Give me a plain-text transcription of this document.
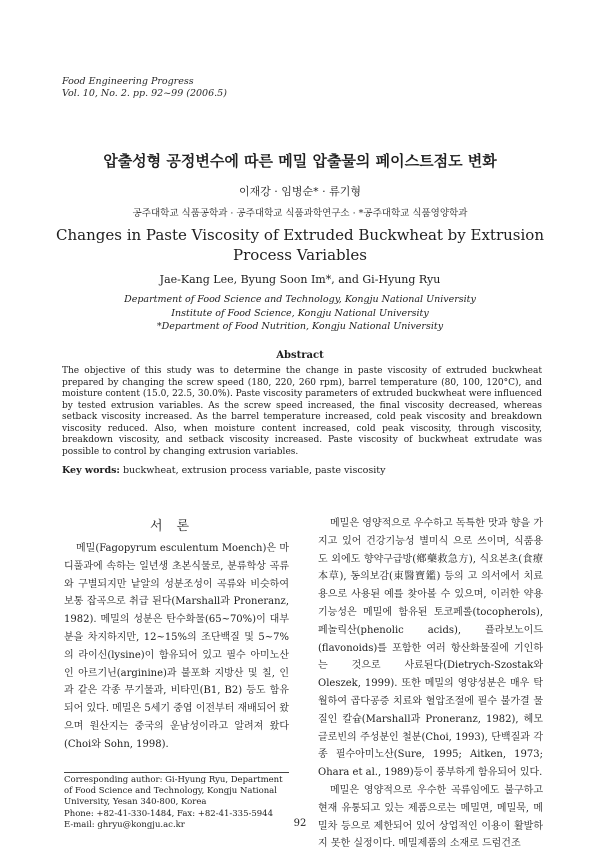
Food Engineering Progress
Vol. 10, No. 2. pp. 92~99 (2006.5)
압출성형 공정변수에 따른 메밀 압출물의 페이스트점도 변화
이재강 · 임병순* · 류기형
공주대학교 식품공학과 · 공주대학교 식품과학연구소 · *공주대학교 식품영양학과
Changes in Paste Viscosity of Extruded Buckwheat by Extrusion
Process Variables
Jae-Kang Lee, Byung Soon Im*, and Gi-Hyung Ryu
Department of Food Science and Technology, Kongju National University
Institute of Food Science, Kongju National University
*Department of Food Nutrition, Kongju National University
Abstract
The objective of this study was to determine the change in paste viscosity of extruded buckwheat prepared by changing the screw speed (180, 220, 260 rpm), barrel temperature (80, 100, 120°C), and moisture content (15.0, 22.5, 30.0%). Paste viscosity parameters of extruded buckwheat were influenced by tested extrusion variables. As the screw speed increased, the final viscosity decreased, whereas setback viscosity increased. As the barrel temperature increased, cold peak viscosity and breakdown viscosity reduced. Also, when moisture content increased, cold peak viscosity, through viscosity, breakdown viscosity, and setback viscosity increased. Paste viscosity of buckwheat extrudate was possible to control by changing extrusion variables.
Key words: buckwheat, extrusion process variable, paste viscosity
서론

메밀(Fagopyrum esculentum Moench)은 마디풀과에 속하는 일년생 초본식물로, 분류학상 곡류와 구별되지만 낱알의 성분조성이 곡류와 비슷하여 보통 잡곡으로 취급 된다(Marshall과 Proneranz, 1982). 메밀의 성분은 탄수화물(65~70%)이 대부분을 차지하지만, 12~15%의 조단백질 및 5~7%의 라이신(lysine)이 함유되어 있고 필수 아미노산인 아르기닌(arginine)과 불포화 지방산 및 칠, 인과 같은 각종 무기물과, 비타민(B1, B2) 등도 함유되어 있다. 메밀은 5세기 중엽 이전부터 재배되어 왔으며 원산지는 중국의 운남성이라고 알려져 왔다(Choi와 Sohn, 1998).

메밀은 영양적으로 우수하고 독특한 맛과 향을 가지고 있어 건강기능성 별미식 으로 쓰이며, 식품용도 외에도 향약구급방(鄕藥救急方), 식요본초(食療本草), 동의보감(東醫寶鑑) 등의 고 의서에서 치료용으로 사용된 예를 찾아볼 수 있으며, 이러한 약용기능성은 메밀에 함유된 토코페롤(tocopherols), 페놀릭산(phenolic acids), 플라보노이드(flavonoids)를 포함한 여러 항산화물질에 기인하는 것으로 사료된다(Dietrych-Szostak와 Oleszek, 1999). 또한 메밀의 영양성분은 매우 탁월하여 곱다공증 치료와 혈압조절에 필수 불가결 물질인 칼슘(Marshall과 Proneranz, 1982), 헤모글로빈의 주성분인 철분(Choi, 1993), 단백질과 각종 필수아미노산(Sure, 1995; Aitken, 1973; Ohara et al., 1989)등이 풍부하게 함유되어 있다.

메밀은 영양적으로 우수한 곡류임에도 불구하고 현재 유통되고 있는 제품으로는 메밀면, 메밀묵, 메밀차 등으로 제한되어 있어 상업적인 이용이 활발하지 못한 실정이다. 메밀제품의 소재로 드럼건조

Corresponding author: Gi-Hyung Ryu, Department of Food Science and Technology, Kongju National University, Yesan 340-800, Korea
Phone: +82-41-330-1484, Fax: +82-41-335-5944
E-mail: ghryu@kongju.ac.kr	92
